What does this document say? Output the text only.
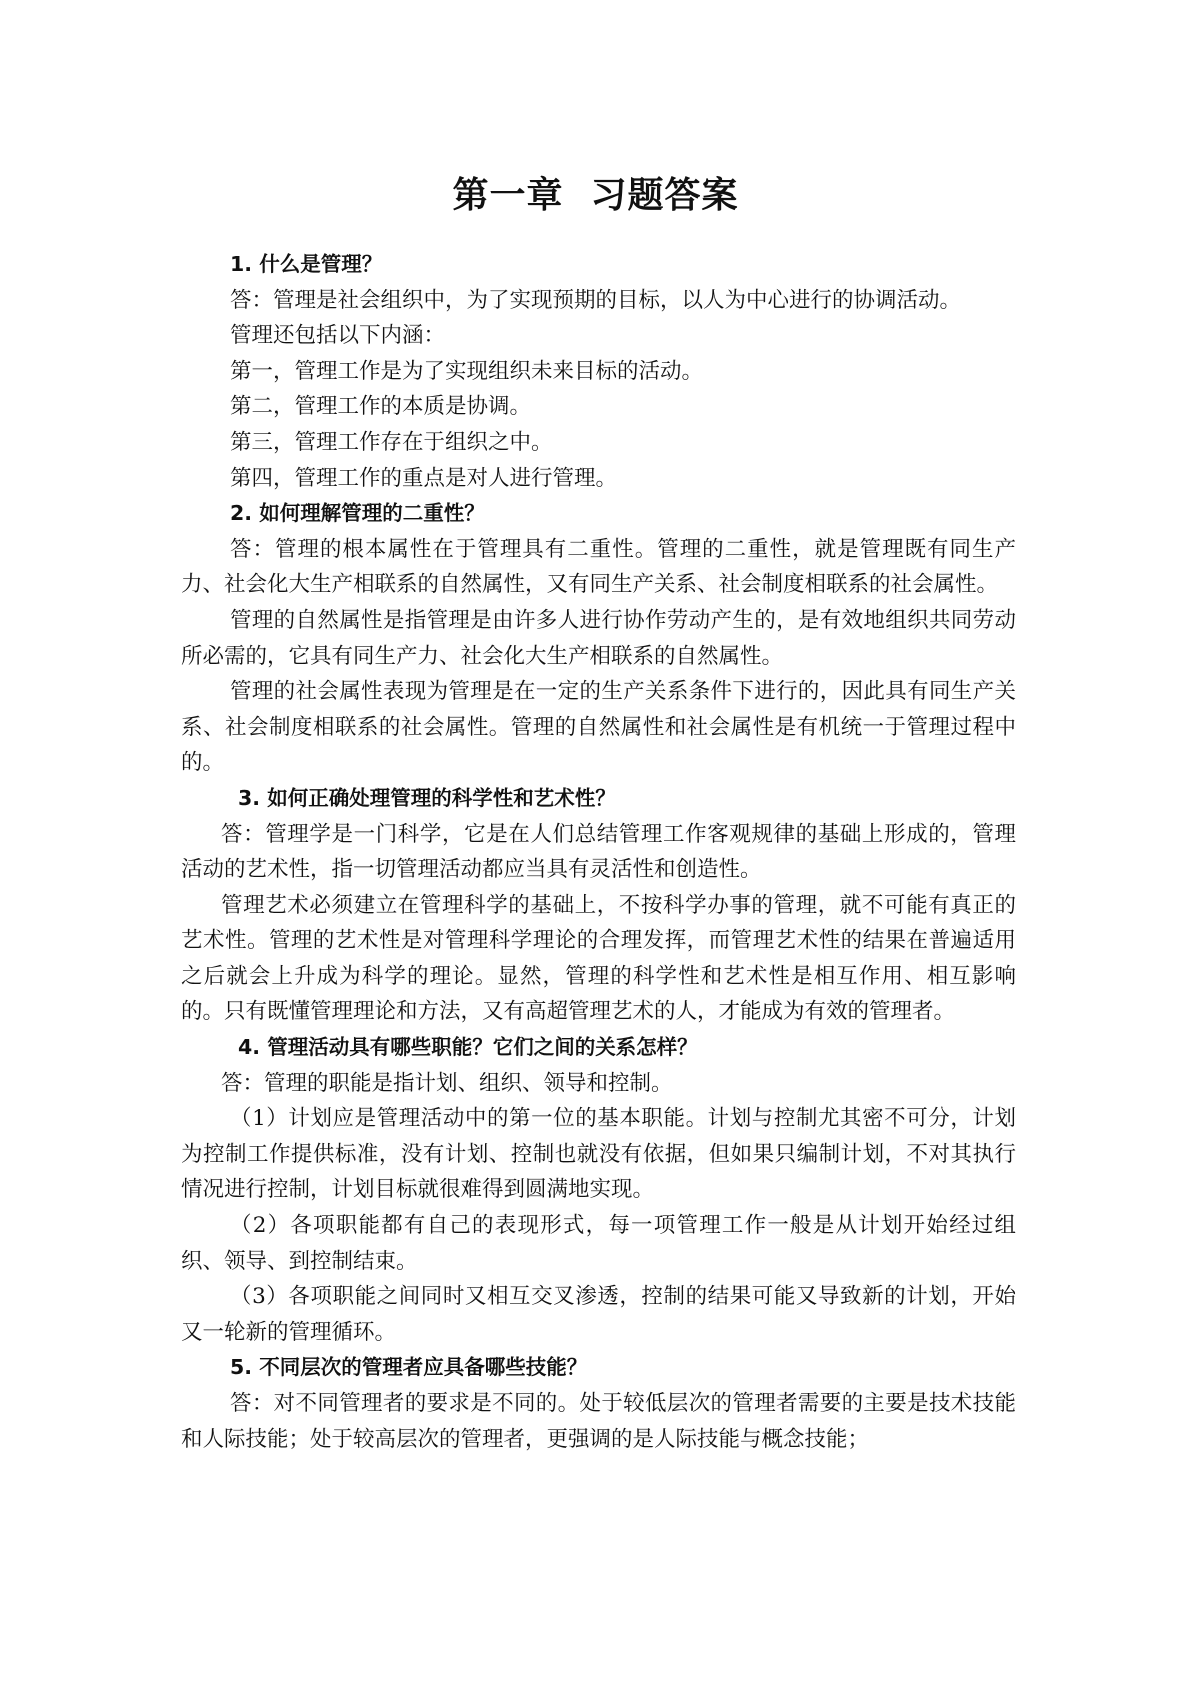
第一章  习题答案

1. 什么是管理？

答：管理是社会组织中，为了实现预期的目标，以人为中心进行的协调活动。

管理还包括以下内涵：

第一，管理工作是为了实现组织未来目标的活动。

第二，管理工作的本质是协调。

第三，管理工作存在于组织之中。

第四，管理工作的重点是对人进行管理。

2. 如何理解管理的二重性？

答：管理的根本属性在于管理具有二重性。管理的二重性，就是管理既有同生产力、社会化大生产相联系的自然属性，又有同生产关系、社会制度相联系的社会属性。

管理的自然属性是指管理是由许多人进行协作劳动产生的，是有效地组织共同劳动所必需的，它具有同生产力、社会化大生产相联系的自然属性。

管理的社会属性表现为管理是在一定的生产关系条件下进行的，因此具有同生产关系、社会制度相联系的社会属性。管理的自然属性和社会属性是有机统一于管理过程中的。

3. 如何正确处理管理的科学性和艺术性？

答：管理学是一门科学，它是在人们总结管理工作客观规律的基础上形成的，管理活动的艺术性，指一切管理活动都应当具有灵活性和创造性。

管理艺术必须建立在管理科学的基础上，不按科学办事的管理，就不可能有真正的艺术性。管理的艺术性是对管理科学理论的合理发挥，而管理艺术性的结果在普遍适用之后就会上升成为科学的理论。显然，管理的科学性和艺术性是相互作用、相互影响的。只有既懂管理理论和方法，又有高超管理艺术的人，才能成为有效的管理者。

4. 管理活动具有哪些职能？它们之间的关系怎样？

答：管理的职能是指计划、组织、领导和控制。

（1）计划应是管理活动中的第一位的基本职能。计划与控制尤其密不可分，计划为控制工作提供标准，没有计划、控制也就没有依据，但如果只编制计划，不对其执行情况进行控制，计划目标就很难得到圆满地实现。

（2）各项职能都有自己的表现形式，每一项管理工作一般是从计划开始经过组织、领导、到控制结束。

（3）各项职能之间同时又相互交叉渗透，控制的结果可能又导致新的计划，开始又一轮新的管理循环。

5. 不同层次的管理者应具备哪些技能？

答：对不同管理者的要求是不同的。处于较低层次的管理者需要的主要是技术技能和人际技能；处于较高层次的管理者，更强调的是人际技能与概念技能；
